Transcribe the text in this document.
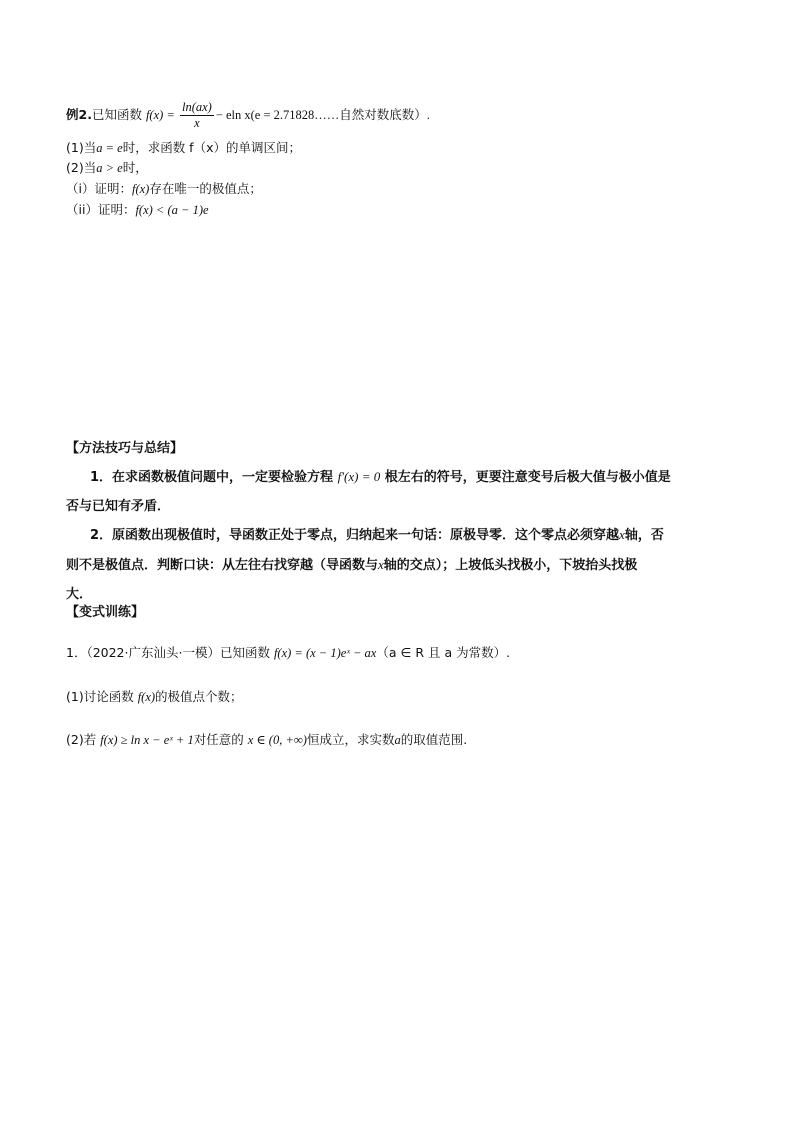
例2.已知函数 $f(x) = \frac{\ln(ax)}{x} - eln$ x(e = 2.71828……自然对数底数）.
(1)当a = e时，求函数 f（x）的单调区间；
(2)当a > e时，
（i）证明：f(x)存在唯一的极值点；
（ii）证明：f(x) < (a − 1)e
【方法技巧与总结】
1．在求函数极值问题中，一定要检验方程 f′(x) = 0 根左右的符号，更要注意变号后极大值与极小值是
否与已知有矛盾．
2．原函数出现极值时，导函数正处于零点，归纳起来一句话：原极导零．这个零点必须穿越x轴，否
则不是极值点．判断口诀：从左往右找穿越（导函数与x轴的交点）；上坡低头找极小，下坡抬头找极
大．
【变式训练】
1．（2022·广东汕头·一模）已知函数 f(x) = (x − 1)eˣ − ax（a ∈ R 且 a 为常数）.
(1)讨论函数 f(x)的极值点个数；
(2)若 f(x) ≥ ln x − eˣ + 1对任意的 x ∈ (0, +∞)恒成立，求实数a的取值范围.
